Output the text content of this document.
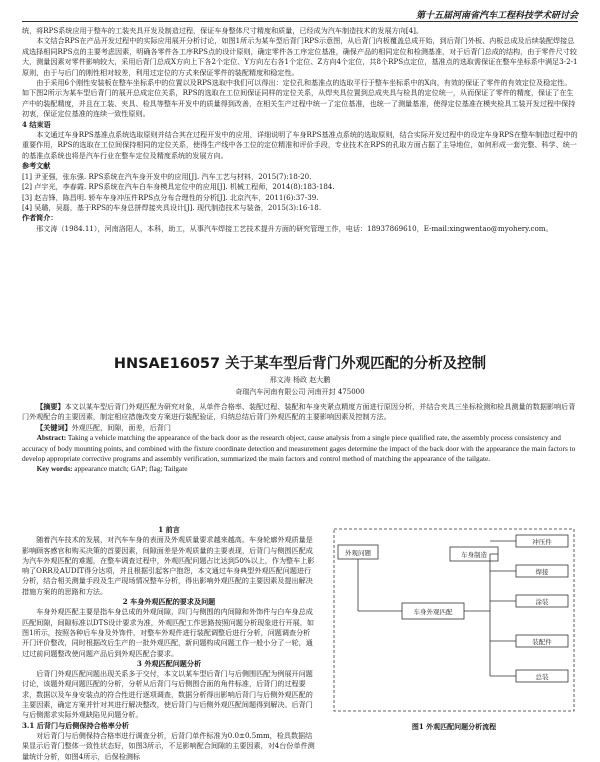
第十五届河南省汽车工程科技学术研讨会

统，将RPS系统应用于整车的工装夹具开发及制造过程，保证车身整体尺寸精度和质量，已经成为汽车制造技术的发展方向[4]。

本文结合RPS在产品开发过程中的实际应用展开分析讨论，如图1所示为某车型后背门RPS示意图，从后背门内板覆盖总成开始，到后背门外板、内板总成及后续装配焊接总成选择相同RPS点的主要考虑因素，明确各零件各工序RPS点的设计原则，确定零件各工序定位基准，确保产品的相同定位和检测基准，对于后背门总成的结构，由于零件尺寸较大，测量因素对零件影响较大，采用后背门总成X方向上下各2个定位、Y方向左右各1个定位、Z方向4个定位，共8个RPS点定位，基准点的选取需保证在整车坐标系中满足3-2-1原则，由于与后门的刚性相对较差，利用过定位的方式来保证零件的装配精度和稳定性。

由于采用6个刚性安装板在整车坐标系中的位置以及RPS选取中我们可以得出：定位孔和基准点的选取平行于整车坐标系中的X向，有效的保证了零件的有效定位及稳定性。如下图2所示为某车型后背门的展开总成定位关系，RPS的选取在工位间保证同样的定位关系，从焊夹具位置到总成夹具与检具的定位统一，从而保证了零件的精度，保证了在生产中的装配精度，并且在工装、夹具、检具等整车开发中的质量得到改善，在相关生产过程中统一了定位基准，也统一了测量基准，使得定位基准在模夹检具工装开发过程中保持初衷，保证定位基准的连续一致性原则。

4 结束语

本文通过车身RPS基准点系统选取原则并结合其在过程开发中的应用，详细说明了车身RPS基准点系统的选取原则，结合实际开发过程中的设定车身RPS在整车制造过程中的重要作用，RPS的选取在工位间保持相同的定位关系，使得生产线中各工位的定位精准和评价手段，专业技术在RPS的孔取方面占据了主导地位，如何形成一套完整、科学、统一的基准点系统也将是汽车行业在整车定位及精度系统的发展方向。

参考文献

[1] 尹亚强，张东强. RPS系统在汽车身开发中的应用[J]. 汽车工艺与材料，2015(7):18-20.

[2] 卢宇光，李春霞. RPS系统在汽车白车身模具定位中的应用[J]. 机械工程师，2014(8):183-184.

[3] 赵吉锋，陈昌明. 轿车车身冲压件RPS点分布合理性的分析[J]. 北京汽车，2011(6):37-39.

[4] 吴璐，吴磊，基于RPS的车身总拼焊接夹具设计[J]. 现代制造技术与装备，2015(3):16-18.

作者简介：

邢文涛（1984.11），河南洛阳人，本科，助工，从事汽车焊接工艺技术提升方面的研究管理工作，电话：18937869610，E-mail:xingwentao@myohery.com。

HNSAE16057 关于某车型后背门外观匹配的分析及控制
邢文涛 杨政 赵大鹏
奇瑞汽车河南有限公司 河南开封 475000

【摘要】本文以某车型后背门外观匹配为研究对象，从单件合格率、装配过程、装配和车身夹紧点精度方面进行原因分析，并结合夹具三坐标检测和检具测量的数据影响后背门外观配合的主要因素，制定相应措施改变方案进行装配验证，归纳总结后背门外观匹配的主要影响因素及控制方法。

【关键词】外观匹配，间隙，面差，后背门

Abstract: Taking a vehicle matching the appearance of the back door as the research object, cause analysis from a single piece qualified rate, the assembly process consistency and accuracy of body mounting points, and combined with the fixture coordinate detection and measurement gages determine the impact of the back door with the appearance the main factors to develop appropriate corrective programs and assembly verification, summarized the main factors and control method of matching the appearance of the tailgate.

Key words: appearance match; GAP; flag; Tailgate

1 前言

随着汽车技术的发展，对汽车车身的表面及外观质量要求越来越高。车身轮廓外观质量是影响顾客感官和购买决策的首要因素，间隙面差是外观质量的主要表现，后背门与侧围匹配成为汽车外观匹配的难题，在整车调查过程中，外观匹配问题占比达到50%以上，作为整车上影响了ORR及AUDIT得分达项，并且根据引起客户抱怨，本文通过车身典型外观匹配问题进行分析，结合相关测量手段及生产现场情况整车分析，得出影响外观匹配的主要因素及提出解决措施方案的的思路和方法。

2 车身外观匹配的要求及问题

车身外观匹配主要是指车身总成的外观间隙，四门与侧围的内间隙和外饰件与白车身总成匹配间隙，间隙标准以DTS设计要求为准，外观匹配工作思路按照问题分析现象进行开展，如图1所示，按照各种后车身及外饰件，对整车外观件进行装配调整后进行分析，问题调查分析开门评价整改，同时根据改后生产的一批外观匹配，新问题构成问题工作一般小分了一轮，通过过前问题整改使问题产品后到外观匹配合要求。

3 外观匹配问题分析

后背门外观匹配问题出现关系多于交付，本文以某车型后背门与后侧围匹配为例展开问题讨论，该题外观问题匹配的分析，分析从后背门与后侧围合面的角件标准，后背门的过程要求，数据以及车身安装点的符合性进行逐项调查，数据分析得出影响后背门与后侧外观匹配的主要因素，确定方案并针对其进行解决整改，使后背门与后侧外观匹配间题得到解决。后背门与后侧需求实际外观缺陷见问题分析。

3.1 后背门与后侧保持合格率分析

对后背门与后侧保持合格率进行调查分析，后背门单件标准为0.0±0.5mm，检具数据结果显示后背门整体一致性状态好，如图3所示，不足影响配合间隙的主要因素，对4台份单件测量统计分析，如图4所示，后保检测标

外观问题
车身外观匹配
车身制造
冲压件
焊接
涂装
装配件
总装
图1 外观匹配问题分析流程
